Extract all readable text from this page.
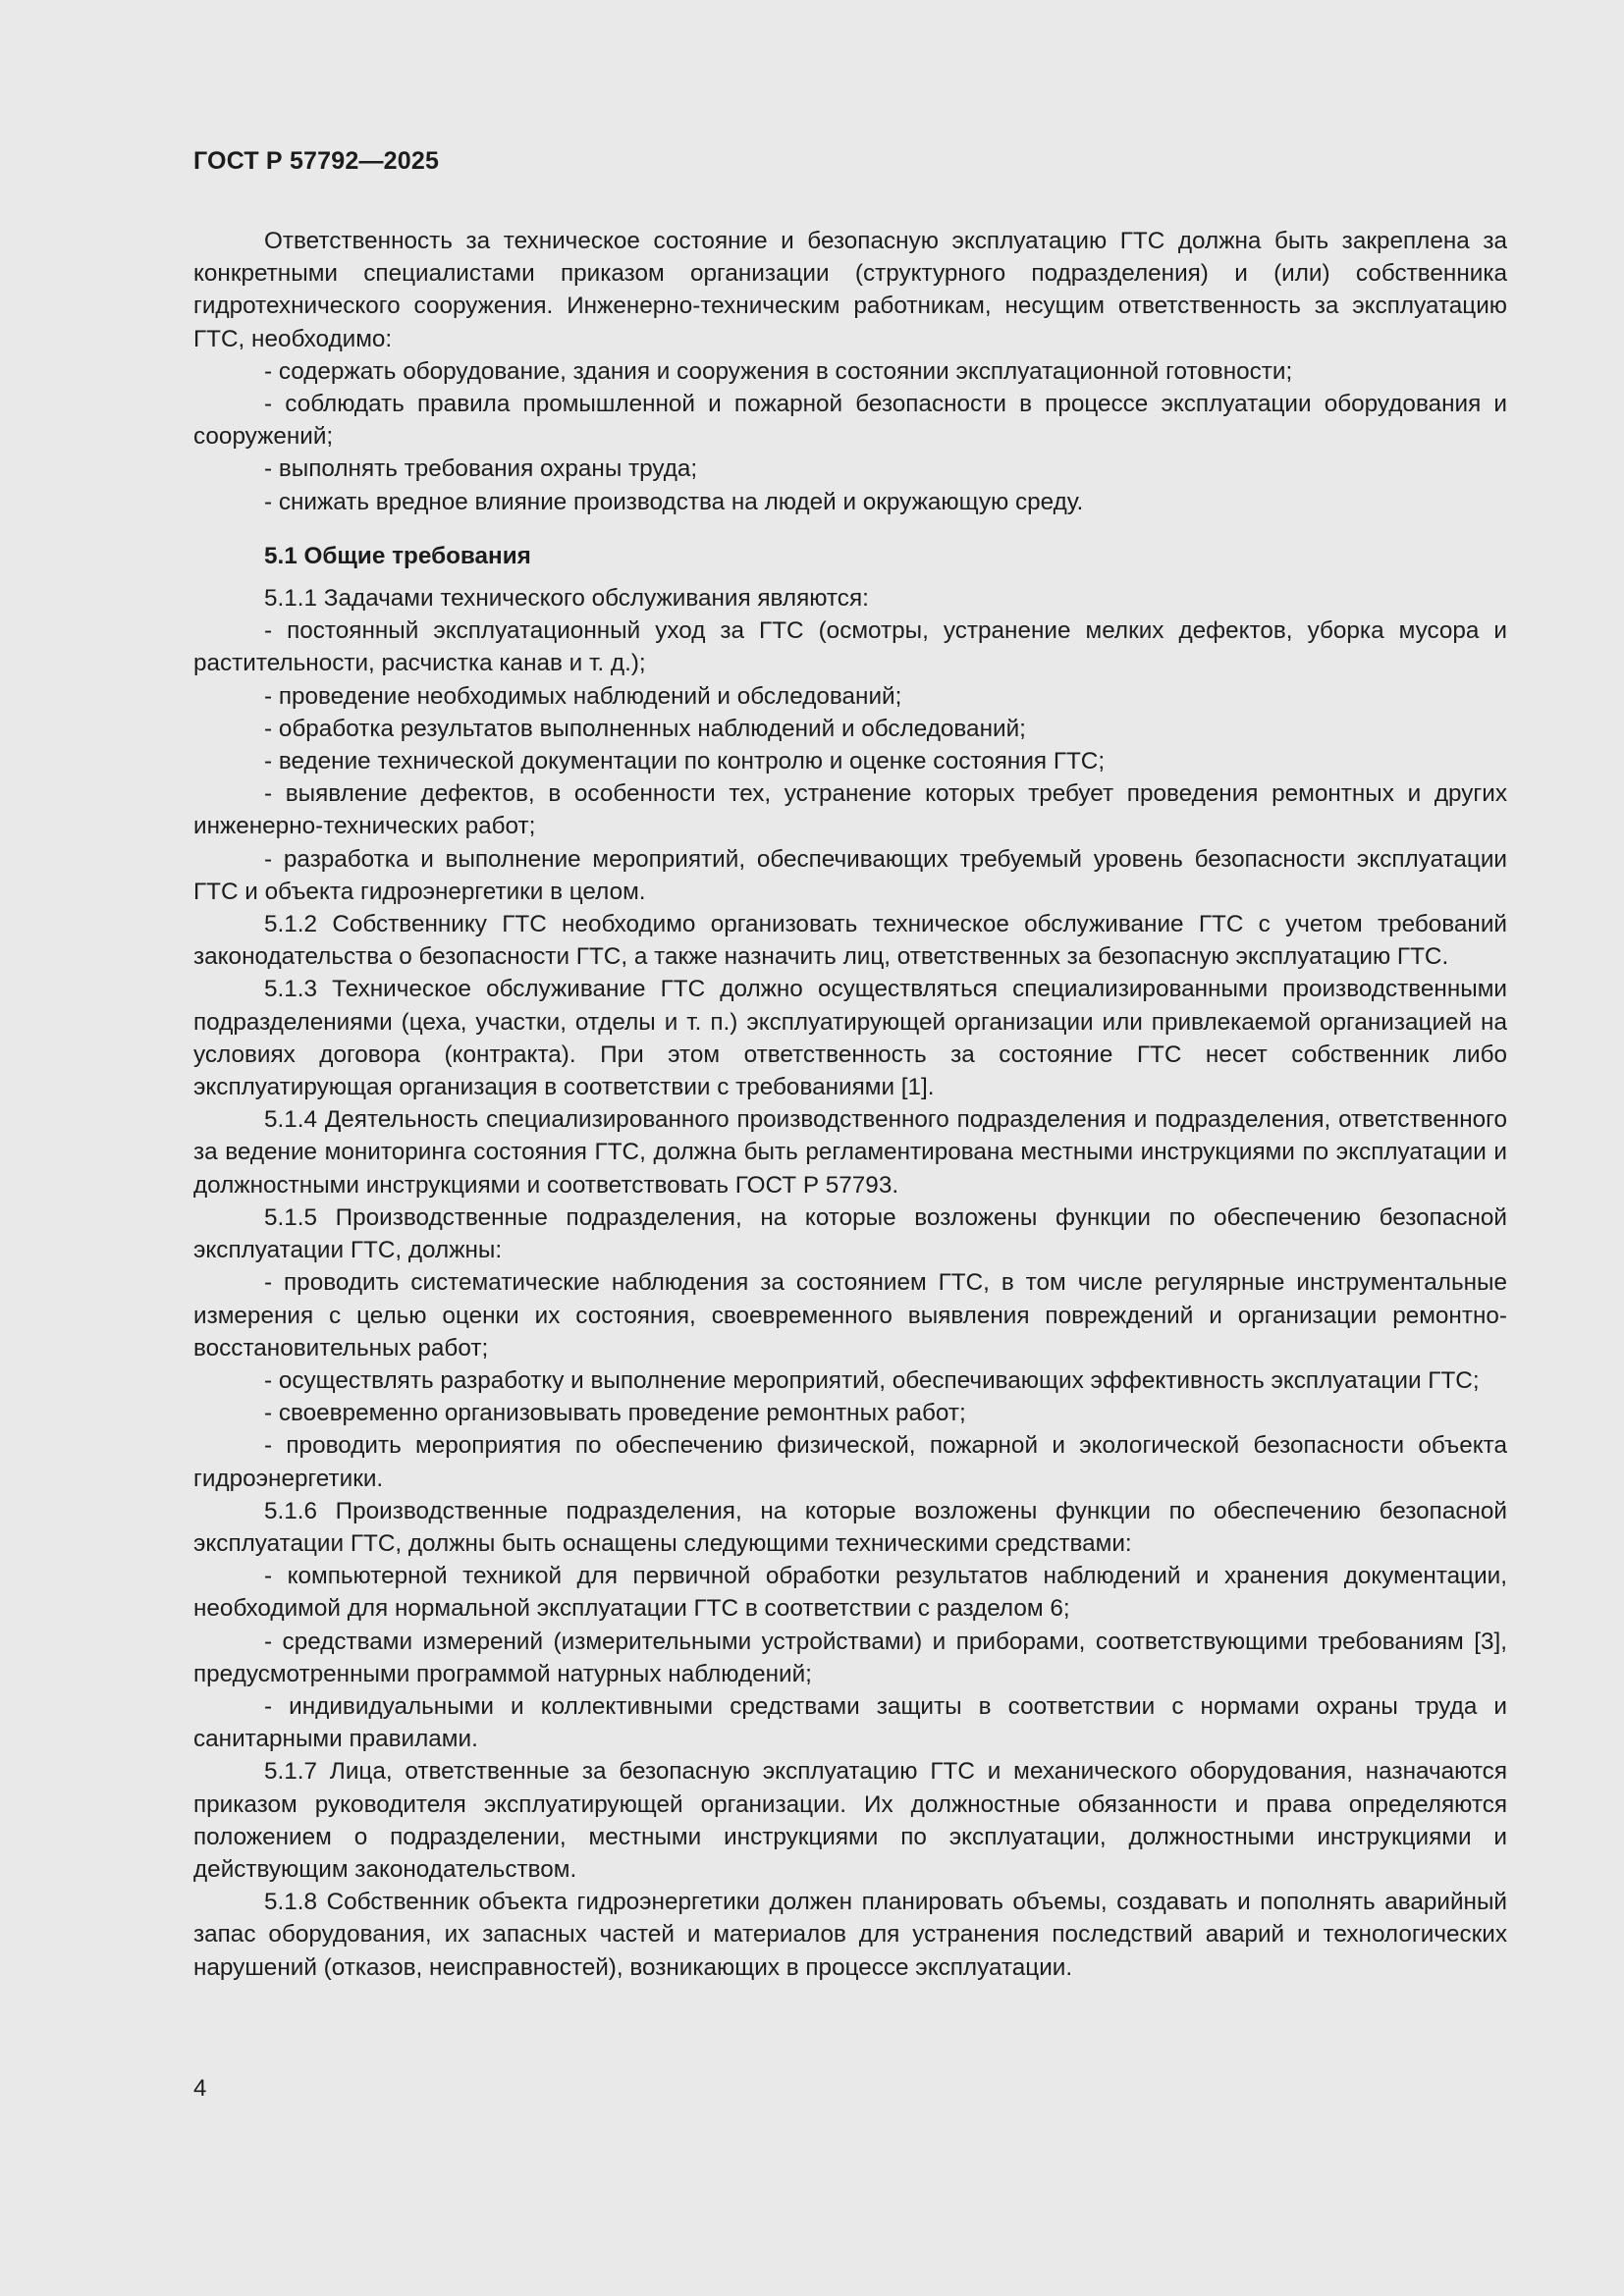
ГОСТ Р 57792—2025

Ответственность за техническое состояние и безопасную эксплуатацию ГТС должна быть закреплена за конкретными специалистами приказом организации (структурного подразделения) и (или) собственника гидротехнического сооружения. Инженерно-техническим работникам, несущим ответственность за эксплуатацию ГТС, необходимо:

- содержать оборудование, здания и сооружения в состоянии эксплуатационной готовности;

- соблюдать правила промышленной и пожарной безопасности в процессе эксплуатации оборудования и сооружений;

- выполнять требования охраны труда;

- снижать вредное влияние производства на людей и окружающую среду.

5.1 Общие требования

5.1.1 Задачами технического обслуживания являются:

- постоянный эксплуатационный уход за ГТС (осмотры, устранение мелких дефектов, уборка мусора и растительности, расчистка канав и т. д.);

- проведение необходимых наблюдений и обследований;

- обработка результатов выполненных наблюдений и обследований;

- ведение технической документации по контролю и оценке состояния ГТС;

- выявление дефектов, в особенности тех, устранение которых требует проведения ремонтных и других инженерно-технических работ;

- разработка и выполнение мероприятий, обеспечивающих требуемый уровень безопасности эксплуатации ГТС и объекта гидроэнергетики в целом.

5.1.2 Собственнику ГТС необходимо организовать техническое обслуживание ГТС с учетом требований законодательства о безопасности ГТС, а также назначить лиц, ответственных за безопасную эксплуатацию ГТС.

5.1.3 Техническое обслуживание ГТС должно осуществляться специализированными производственными подразделениями (цеха, участки, отделы и т. п.) эксплуатирующей организации или привлекаемой организацией на условиях договора (контракта). При этом ответственность за состояние ГТС несет собственник либо эксплуатирующая организация в соответствии с требованиями [1].

5.1.4 Деятельность специализированного производственного подразделения и подразделения, ответственного за ведение мониторинга состояния ГТС, должна быть регламентирована местными инструкциями по эксплуатации и должностными инструкциями и соответствовать ГОСТ Р 57793.

5.1.5 Производственные подразделения, на которые возложены функции по обеспечению безопасной эксплуатации ГТС, должны:

- проводить систематические наблюдения за состоянием ГТС, в том числе регулярные инструментальные измерения с целью оценки их состояния, своевременного выявления повреждений и организации ремонтно-восстановительных работ;

- осуществлять разработку и выполнение мероприятий, обеспечивающих эффективность эксплуатации ГТС;

- своевременно организовывать проведение ремонтных работ;

- проводить мероприятия по обеспечению физической, пожарной и экологической безопасности объекта гидроэнергетики.

5.1.6 Производственные подразделения, на которые возложены функции по обеспечению безопасной эксплуатации ГТС, должны быть оснащены следующими техническими средствами:

- компьютерной техникой для первичной обработки результатов наблюдений и хранения документации, необходимой для нормальной эксплуатации ГТС в соответствии с разделом 6;

- средствами измерений (измерительными устройствами) и приборами, соответствующими требованиям [3], предусмотренными программой натурных наблюдений;

- индивидуальными и коллективными средствами защиты в соответствии с нормами охраны труда и санитарными правилами.

5.1.7 Лица, ответственные за безопасную эксплуатацию ГТС и механического оборудования, назначаются приказом руководителя эксплуатирующей организации. Их должностные обязанности и права определяются положением о подразделении, местными инструкциями по эксплуатации, должностными инструкциями и действующим законодательством.

5.1.8 Собственник объекта гидроэнергетики должен планировать объемы, создавать и пополнять аварийный запас оборудования, их запасных частей и материалов для устранения последствий аварий и технологических нарушений (отказов, неисправностей), возникающих в процессе эксплуатации.

4
